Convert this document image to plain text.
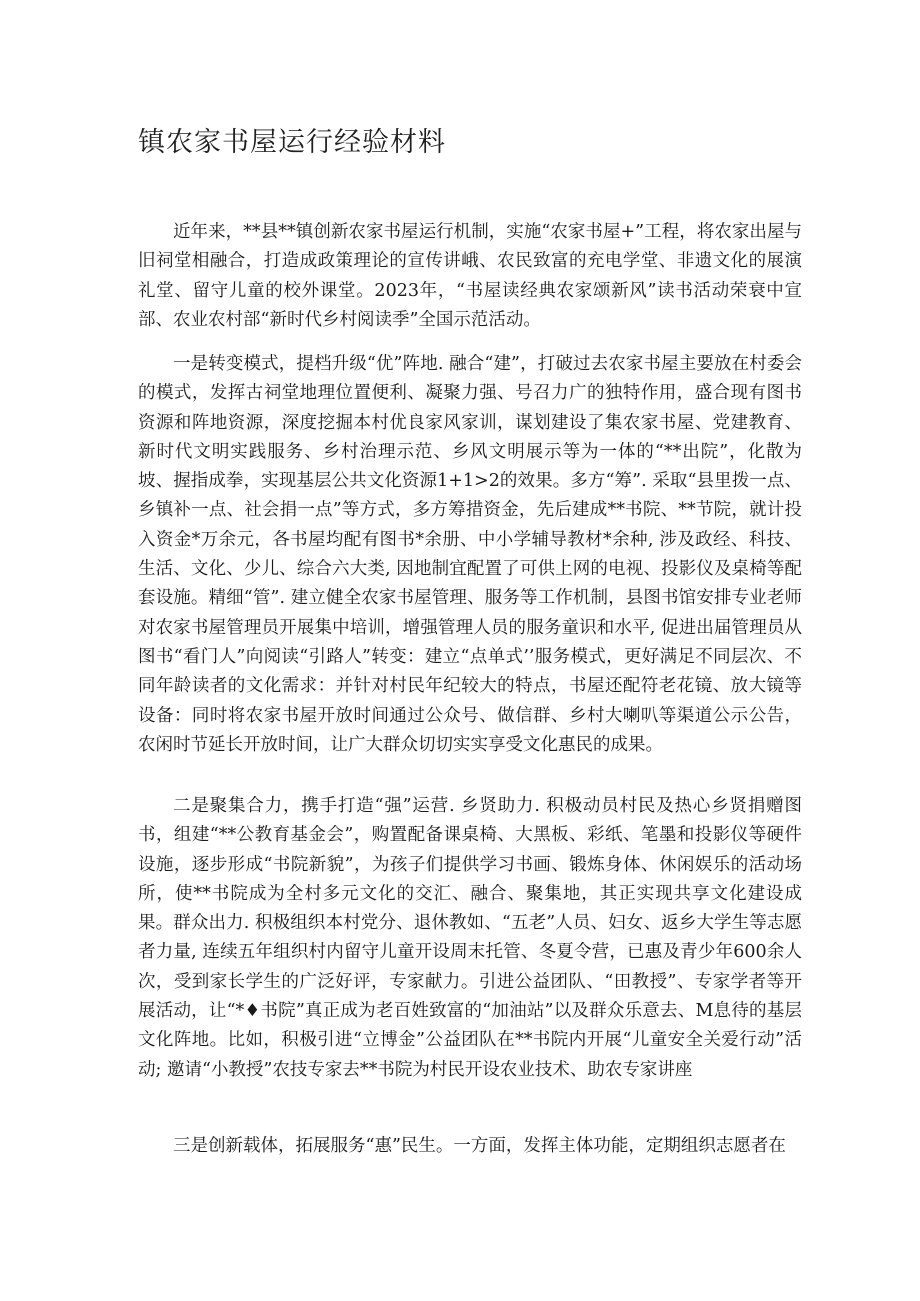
镇农家书屋运行经验材料

近年来，**县**镇创新农家书屋运行机制，实施“农家书屋+”工程，将农家出屋与旧祠堂相融合，打造成政策理论的宣传讲峨、农民致富的充电学堂、非遗文化的展演礼堂、留守儿童的校外课堂。2023年，“书屋读经典农家颂新风”读书活动荣衰中宣部、农业农村部“新时代乡村阅读季”全国示范活动。

一是转变模式，提档升级“优”阵地. 融合“建”，打破过去农家书屋主要放在村委会的模式，发挥古祠堂地理位置便利、凝聚力强、号召力广的独特作用，盛合现有图书资源和阵地资源，深度挖掘本村优良家风家训，谋划建设了集农家书屋、党建教育、新时代文明实践服务、乡村治理示范、乡风文明展示等为一体的“**出院”，化散为坡、握指成拳，实现基层公共文化资源1+1>2的效果。多方“筹”. 采取“县里拨一点、乡镇补一点、社会捐一点”等方式，多方筹措资金，先后建成**书院、**节院，就计投入资金*万余元，各书屋均配有图书*余册、中小学辅导教材*余种, 涉及政经、科技、生活、文化、少儿、综合六大类, 因地制宜配置了可供上网的电视、投影仪及桌椅等配套设施。精细“管”. 建立健全农家书屋管理、服务等工作机制，县图书馆安排专业老师对农家书屋管理员开展集中培训，增强管理人员的服务童识和水平, 促进出届管理员从图书“看门人”向阅读“引路人”转变：建立“点单式’’服务模式，更好满足不同层次、不同年龄读者的文化需求：并针对村民年纪较大的特点，书屋还配符老花镜、放大镜等设备：同时将农家书屋开放时间通过公众号、做信群、乡村大喇叭等渠道公示公告，农闲时节延长开放时间，让广大群众切切实实享受文化惠民的成果。

二是聚集合力，携手打造“强”运营. 乡贤助力. 积极动员村民及热心乡贤捐赠图书，组建“**公教育基金会”，购置配备课桌椅、大黑板、彩纸、笔墨和投影仪等硬件设施，逐步形成“书院新貌”，为孩子们提供学习书画、锻炼身体、休闲娱乐的活动场所，使**书院成为全村多元文化的交汇、融合、聚集地，其正实现共享文化建设成果。群众出力. 积极组织本村党分、退休教如、“五老”人员、妇女、返乡大学生等志愿者力量, 连续五年组织村内留守儿童开设周末托管、冬夏令营，已惠及青少年600余人次，受到家长学生的广泛好评，专家献力。引进公益团队、“田教授”、专家学者等开展活动，让“*♦书院”真正成为老百姓致富的“加油站”以及群众乐意去、M息待的基层文化阵地。比如，积极引进“立博金”公益团队在**书院内开展“儿童安全关爱行动”活动; 邀请“小教授”农技专家去**书院为村民开设农业技术、助农专家讲座

三是创新载体，拓展服务“惠”民生。一方面，发挥主体功能，定期组织志愿者在
